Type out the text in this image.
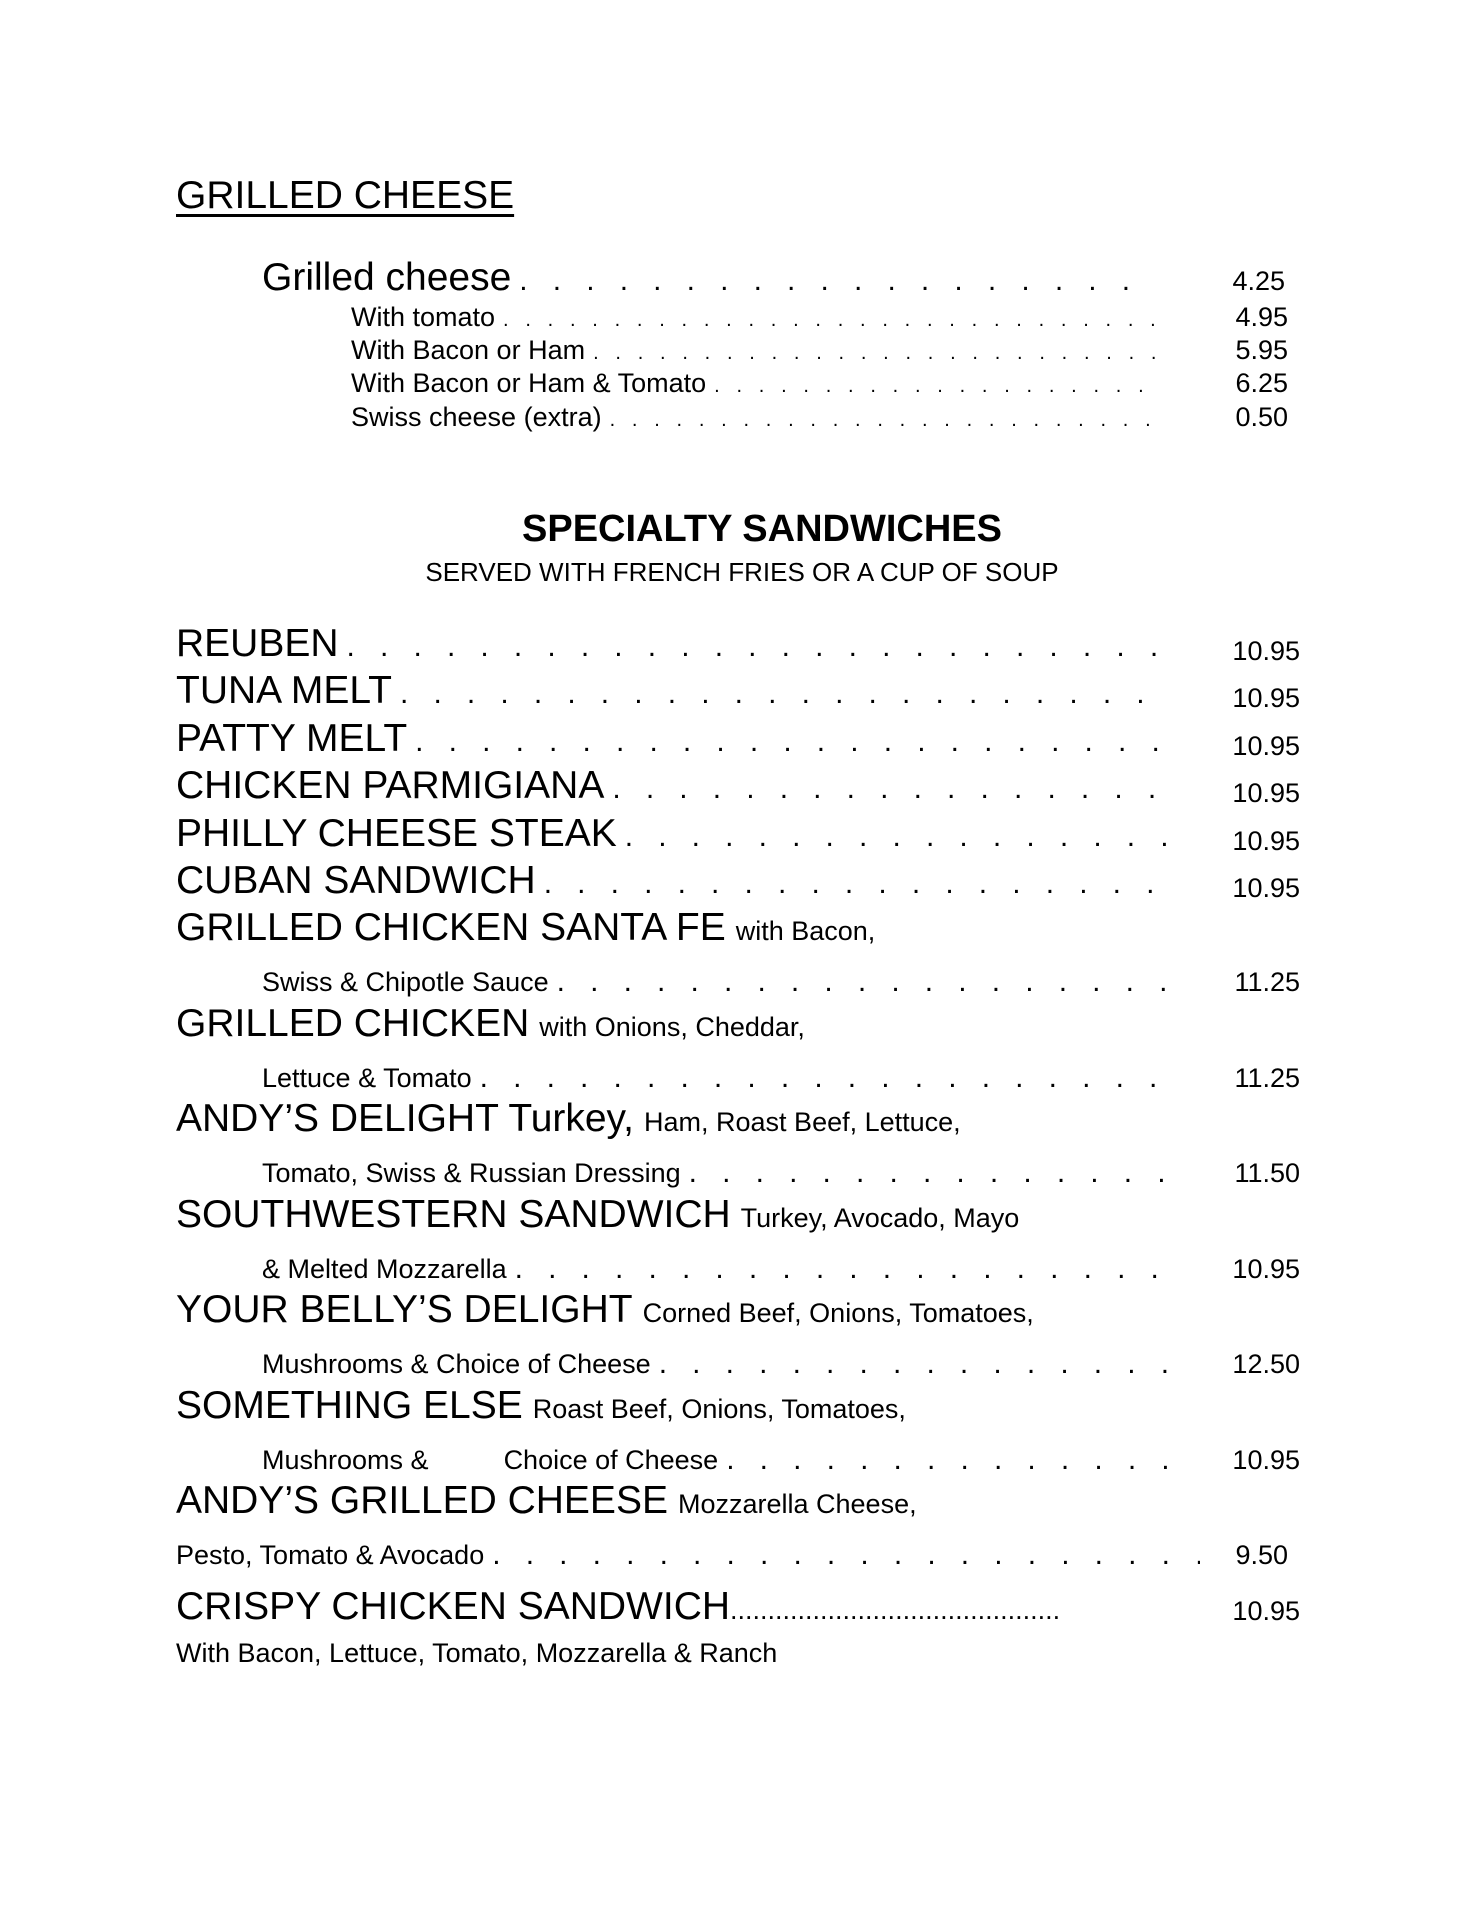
GRILLED CHEESE
Grilled cheese . . .	4.25
With tomato . . .	4.95
With Bacon or Ham . . .	5.95
With Bacon or Ham & Tomato . . .	6.25
Swiss cheese (extra) . . .	0.50
SPECIALTY SANDWICHES
SERVED WITH FRENCH FRIES OR A CUP OF SOUP
REUBEN . . .	10.95
TUNA MELT . . .	10.95
PATTY MELT . . .	10.95
CHICKEN PARMIGIANA . . .	10.95
PHILLY CHEESE STEAK . . .	10.95
CUBAN SANDWICH . . .	10.95
GRILLED CHICKEN SANTA FE with Bacon,
Swiss & Chipotle Sauce . . .	11.25
GRILLED CHICKEN with Onions, Cheddar,
Lettuce & Tomato . . .	11.25
ANDY’S DELIGHT Turkey, Ham, Roast Beef, Lettuce,
Tomato, Swiss & Russian Dressing . . .	11.50
SOUTHWESTERN SANDWICH Turkey, Avocado, Mayo
& Melted Mozzarella . . .	10.95
YOUR BELLY’S DELIGHT Corned Beef, Onions, Tomatoes,
Mushrooms & Choice of Cheese . . .	12.50
SOMETHING ELSE Roast Beef, Onions, Tomatoes,
Mushrooms &          Choice of Cheese . . .	10.95
ANDY’S GRILLED CHEESE Mozzarella Cheese,
Pesto, Tomato & Avocado . . .	9.50
CRISPY CHICKEN SANDWICH............................................	10.95
With Bacon, Lettuce, Tomato, Mozzarella & Ranch
